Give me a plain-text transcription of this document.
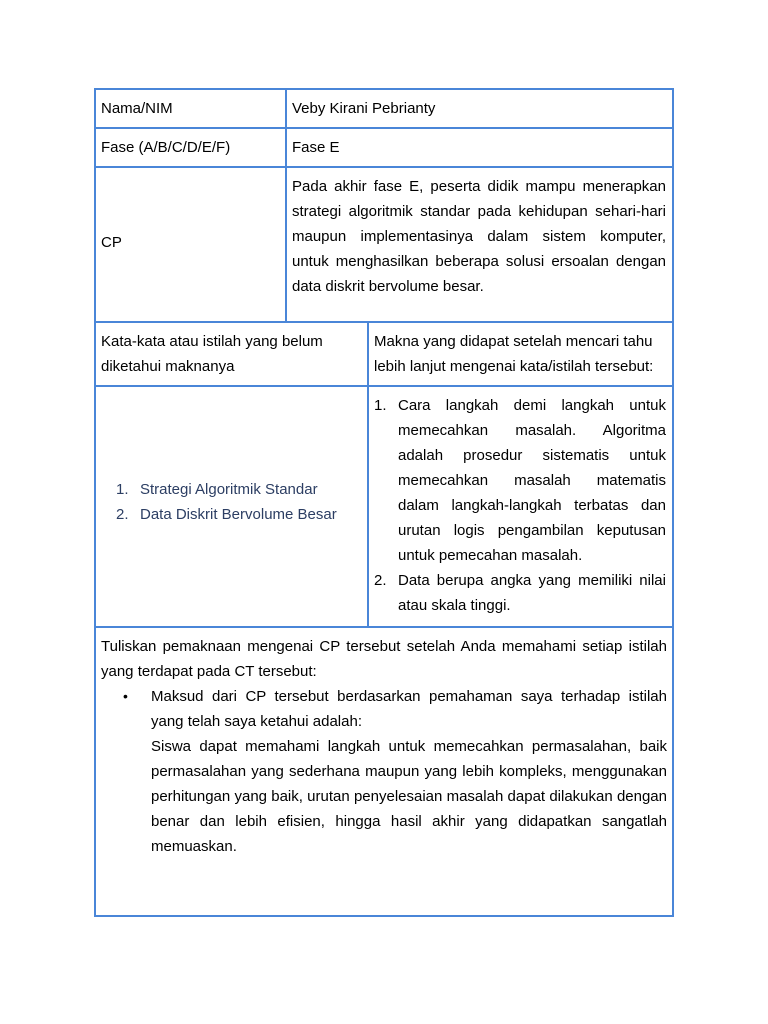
Nama/NIM	Veby Kirani Pebrianty
Fase (A/B/C/D/E/F)	Fase E
CP
Pada akhir fase E, peserta didik mampu menerapkan strategi algoritmik standar pada kehidupan sehari-hari maupun implementasinya dalam sistem komputer, untuk menghasilkan beberapa solusi ersoalan dengan data diskrit bervolume besar.
Kata-kata atau istilah yang belum diketahui maknanya
Makna yang didapat setelah mencari tahu lebih lanjut mengenai kata/istilah tersebut:
1. Strategi Algoritmik Standar
2. Data Diskrit Bervolume Besar
1. Cara langkah demi langkah untuk memecahkan masalah. Algoritma adalah prosedur sistematis untuk memecahkan masalah matematis dalam langkah-langkah terbatas dan urutan logis pengambilan keputusan untuk pemecahan masalah.
2. Data berupa angka yang memiliki nilai atau skala tinggi.
Tuliskan pemaknaan mengenai CP tersebut setelah Anda memahami setiap istilah yang terdapat pada CT tersebut:
• Maksud dari CP tersebut berdasarkan pemahaman saya terhadap istilah yang telah saya ketahui adalah:
Siswa dapat memahami langkah untuk memecahkan permasalahan, baik permasalahan yang sederhana maupun yang lebih kompleks, menggunakan perhitungan yang baik, urutan penyelesaian masalah dapat dilakukan dengan benar dan lebih efisien, hingga hasil akhir yang didapatkan sangatlah memuaskan.
